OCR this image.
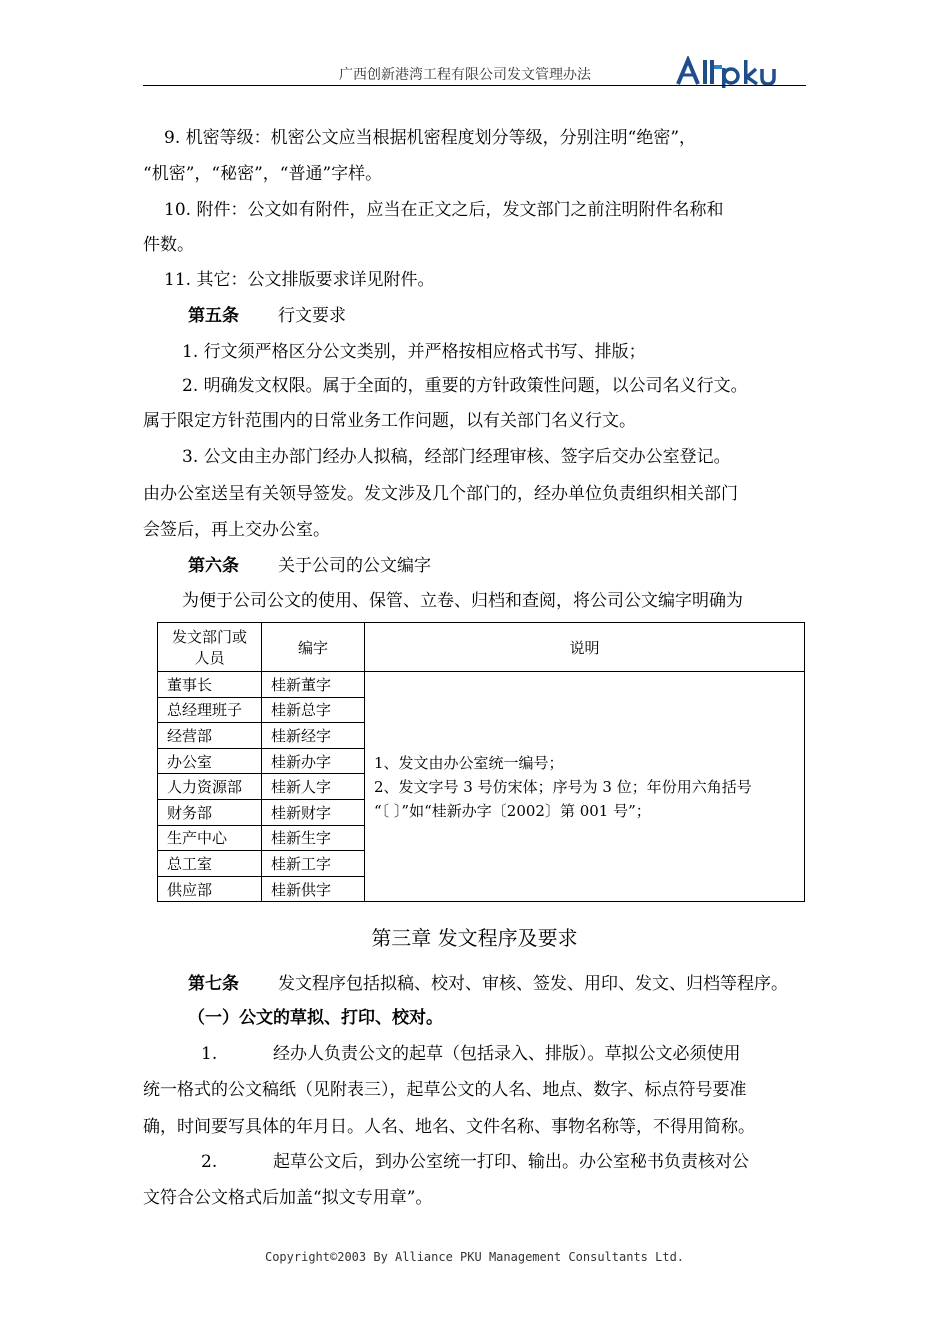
广西创新港湾工程有限公司发文管理办法
9. 机密等级：机密公文应当根据机密程度划分等级，分别注明“绝密”，
“机密”，“秘密”，“普通”字样。
10. 附件：公文如有附件，应当在正文之后，发文部门之前注明附件名称和
件数。
11. 其它：公文排版要求详见附件。
第五条 行文要求
1. 行文须严格区分公文类别，并严格按相应格式书写、排版；
2. 明确发文权限。属于全面的，重要的方针政策性问题，以公司名义行文。
属于限定方针范围内的日常业务工作问题，以有关部门名义行文。
3. 公文由主办部门经办人拟稿，经部门经理审核、签字后交办公室登记。
由办公室送呈有关领导签发。发文涉及几个部门的，经办单位负责组织相关部门
会签后，再上交办公室。
第六条 关于公司的公文编字
为便于公司公文的使用、保管、立卷、归档和查阅，将公司公文编字明确为
发文部门或人员	编字	说明
董事长	桂新董字	1、发文由办公室统一编号；
2、发文字号 3 号仿宋体；序号为 3 位；年份用六角括号
“〔 〕”如“桂新办字〔2002〕第 001 号”；

总经理班子	桂新总字	
经营部	桂新经字	
办公室	桂新办字	
人力资源部	桂新人字	
财务部	桂新财字	
生产中心	桂新生字	
总工室	桂新工字	
供应部	桂新供字	
第三章 发文程序及要求
第七条 发文程序包括拟稿、校对、审核、签发、用印、发文、归档等程序。
（一）公文的草拟、打印、校对。
1.	经办人负责公文的起草（包括录入、排版）。草拟公文必须使用
统一格式的公文稿纸（见附表三），起草公文的人名、地点、数字、标点符号要准
确，时间要写具体的年月日。人名、地名、文件名称、事物名称等，不得用简称。
2.	起草公文后，到办公室统一打印、输出。办公室秘书负责核对公
文符合公文格式后加盖“拟文专用章”。
Copyright©2003 By Alliance PKU Management Consultants Ltd.
